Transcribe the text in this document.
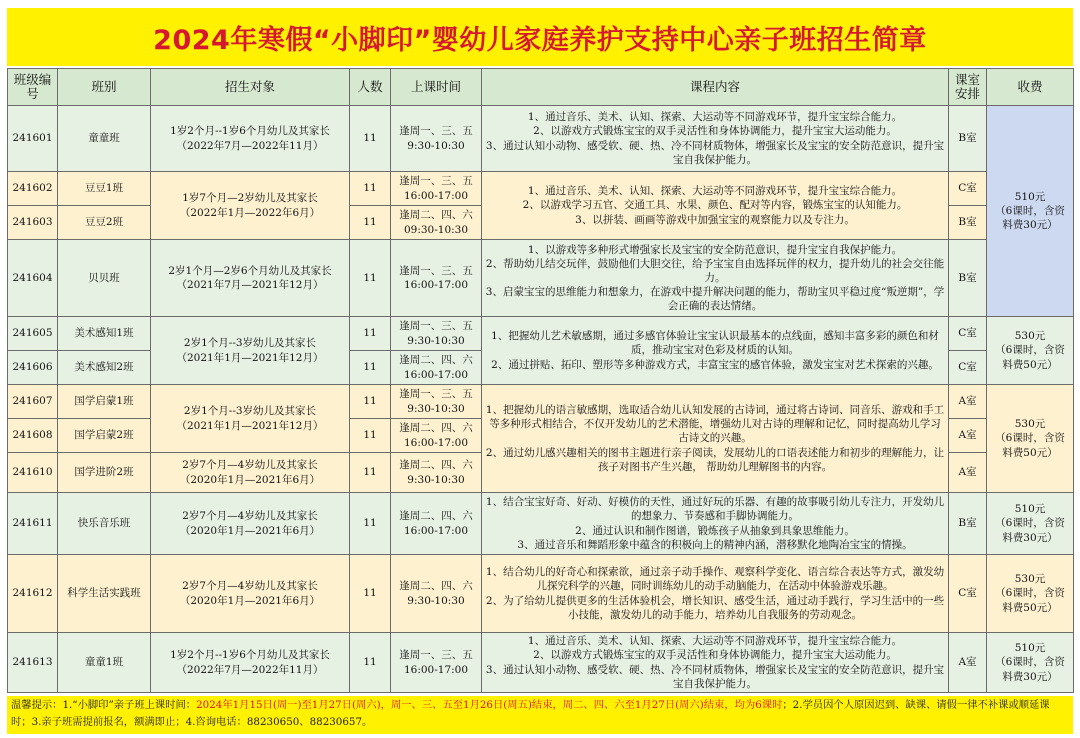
2024年寒假“小脚印”婴幼儿家庭养护支持中心亲子班招生简章
班级编号	班别	招生对象	人数	上课时间	课程内容	课室安排	收费
241601	童童班	1岁2个月--1岁6个月幼儿及其家长
（2022年7月—2022年11月）	11	逢周一、三、五
9:30-10:30	1、通过音乐、美术、认知、探索、大运动等不同游戏环节，提升宝宝综合能力。
2、以游戏方式锻炼宝宝的双手灵活性和身体协调能力，提升宝宝大运动能力。
3、通过认知小动物、感受软、硬、热、冷不同材质物体，增强家长及宝宝的安全防范意识，提升宝宝自我保护能力。	B室	510元
（6课时，含资料费30元）

241602	豆豆1班	1岁7个月—2岁幼儿及其家长
（2022年1月—2022年6月）	11	逢周一、三、五
16:00-17:00	1、通过音乐、美术、认知、探索、大运动等不同游戏环节，提升宝宝综合能力。
2、以游戏学习五官、交通工具、水果、颜色、配对等内容，锻炼宝宝的认知能力。
3、以拼装、画画等游戏中加强宝宝的观察能力以及专注力。	C室	
241603	豆豆2班		11	逢周二、四、六
09:30-10:30		B室	
241604	贝贝班	2岁1个月—2岁6个月幼儿及其家长
（2021年7月—2021年12月）	11	逢周一、三、五
16:00-17:00	1、以游戏等多种形式增强家长及宝宝的安全防范意识，提升宝宝自我保护能力。
2、帮助幼儿结交玩伴，鼓励他们大胆交往，给予宝宝自由选择玩伴的权力，提升幼儿的社会交往能力。
3、启蒙宝宝的思维能力和想象力，在游戏中提升解决问题的能力，帮助宝贝平稳过度“叛逆期”，学会正确的表达情绪。	B室	
241605	美术感知1班	2岁1个月--3岁幼儿及其家长
（2021年1月—2021年12月）	11	逢周一、三、五
9:30-10:30	1、把握幼儿艺术敏感期，通过多感官体验让宝宝认识最基本的点线面，感知丰富多彩的颜色和材质，推动宝宝对色彩及材质的认知。
2、通过拼贴、拓印、塑形等多种游戏方式，丰富宝宝的感官体验，激发宝宝对艺术探索的兴趣。	C室	530元
（6课时，含资料费50元）

241606	美术感知2班		11	逢周二、四、六
16:00-17:00		C室	
241607	国学启蒙1班	2岁1个月--3岁幼儿及其家长
（2021年1月—2021年12月）	11	逢周一、三、五
9:30-10:30	1、把握幼儿的语言敏感期，选取适合幼儿认知发展的古诗词，通过将古诗词、同音乐、游戏和手工等多种形式相结合，不仅开发幼儿的艺术潜能，增强幼儿对古诗的理解和记忆，同时提高幼儿学习古诗文的兴趣。
2、通过幼儿感兴趣相关的图书主题进行亲子阅读，发展幼儿的口语表述能力和初步的理解能力，让孩子对图书产生兴趣， 帮助幼儿理解图书的内容。	A室	530元
（6课时，含资料费50元）

241608	国学启蒙2班		11	逢周二、四、六
16:00-17:00		A室	
241610	国学进阶2班	2岁7个月—4岁幼儿及其家长
（2020年1月—2021年6月）	11	逢周二、四、六
9:30-10:30		A室	
241611	快乐音乐班	2岁7个月—4岁幼儿及其家长
（2020年1月—2021年6月）	11	逢周二、四、六
16:00-17:00	1、结合宝宝好奇、好动、好模仿的天性，通过好玩的乐器、有趣的故事吸引幼儿专注力，开发幼儿的想象力、节奏感和手脚协调能力。
2、通过认识和制作图谱，锻炼孩子从抽象到具象思维能力。
3、通过音乐和舞蹈形象中蕴含的积极向上的精神内涵，潜移默化地陶冶宝宝的情操。	B室	510元
（6课时，含资料费30元）

241612	科学生活实践班	2岁7个月—4岁幼儿及其家长
（2020年1月—2021年6月）	11	逢周二、四、六
9:30-10:30	1、结合幼儿的好奇心和探索欲，通过亲子动手操作、观察科学变化、语言综合表达等方式，激发幼儿探究科学的兴趣，同时训练幼儿的动手动脑能力，在活动中体验游戏乐趣。
2、为了给幼儿提供更多的生活体验机会，增长知识、感受生活，通过动手践行，学习生活中的一些小技能，激发幼儿的动手能力，培养幼儿自我服务的劳动观念。	C室	530元
（6课时，含资料费50元）

241613	童童1班	1岁2个月--1岁6个月幼儿及其家长
（2022年7月—2022年11月）	11	逢周一、三、五
16:00-17:00	1、通过音乐、美术、认知、探索、大运动等不同游戏环节，提升宝宝综合能力。
2、以游戏方式锻炼宝宝的双手灵活性和身体协调能力，提升宝宝大运动能力。
3、通过认知小动物、感受软、硬、热、冷不同材质物体，增强家长及宝宝的安全防范意识，提升宝宝自我保护能力。	A室	510元
（6课时，含资料费30元）
温馨提示：1.“小脚印”亲子班上课时间：2024年1月15日(周一)至1月27日(周六)，周一、三、五至1月26日(周五)结束，周二、四、六至1月27日(周六)结束，均为6课时；2.学员因个人原因迟到、缺课、请假一律不补课或顺延课时；3.亲子班需提前报名，额满即止；4.咨询电话：88230650、88230657。
